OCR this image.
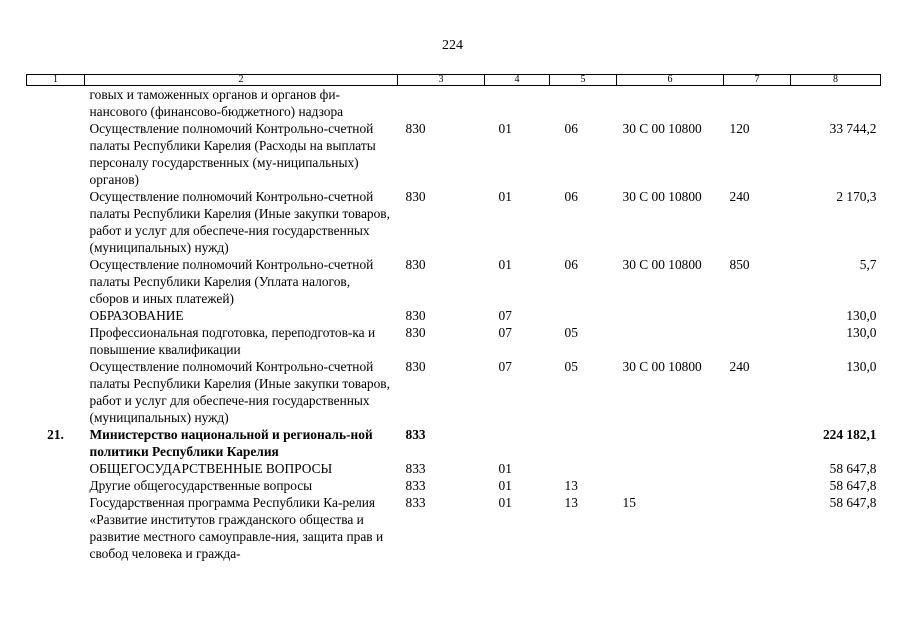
224
1	2	3	4	5	6	7	8
	говых и таможенных органов и органов фи-нансового (финансово-бюджетного) надзора						
	Осуществление полномочий Контрольно-счетной палаты Республики Карелия (Расходы на выплаты персоналу государственных (му-ниципальных) органов)	830	01	06	30 С 00 10800	120	33 744,2
	Осуществление полномочий Контрольно-счетной палаты Республики Карелия (Иные закупки товаров, работ и услуг для обеспече-ния государственных (муниципальных) нужд)	830	01	06	30 С 00 10800	240	2 170,3
	Осуществление полномочий Контрольно-счетной палаты Республики Карелия (Уплата налогов, сборов и иных платежей)	830	01	06	30 С 00 10800	850	5,7
	ОБРАЗОВАНИЕ	830	07				130,0
	Профессиональная подготовка, переподготов-ка и повышение квалификации	830	07	05			130,0
	Осуществление полномочий Контрольно-счетной палаты Республики Карелия (Иные закупки товаров, работ и услуг для обеспече-ния государственных (муниципальных) нужд)	830	07	05	30 С 00 10800	240	130,0
21.	Министерство национальной и региональ-ной политики Республики Карелия	833					224 182,1
	ОБЩЕГОСУДАРСТВЕННЫЕ ВОПРОСЫ	833	01				58 647,8
	Другие общегосударственные вопросы	833	01	13			58 647,8
	Государственная программа Республики Ка-релия «Развитие институтов гражданского общества и развитие местного самоуправле-ния, защита прав и свобод человека и гражда-	833	01	13	15		58 647,8
